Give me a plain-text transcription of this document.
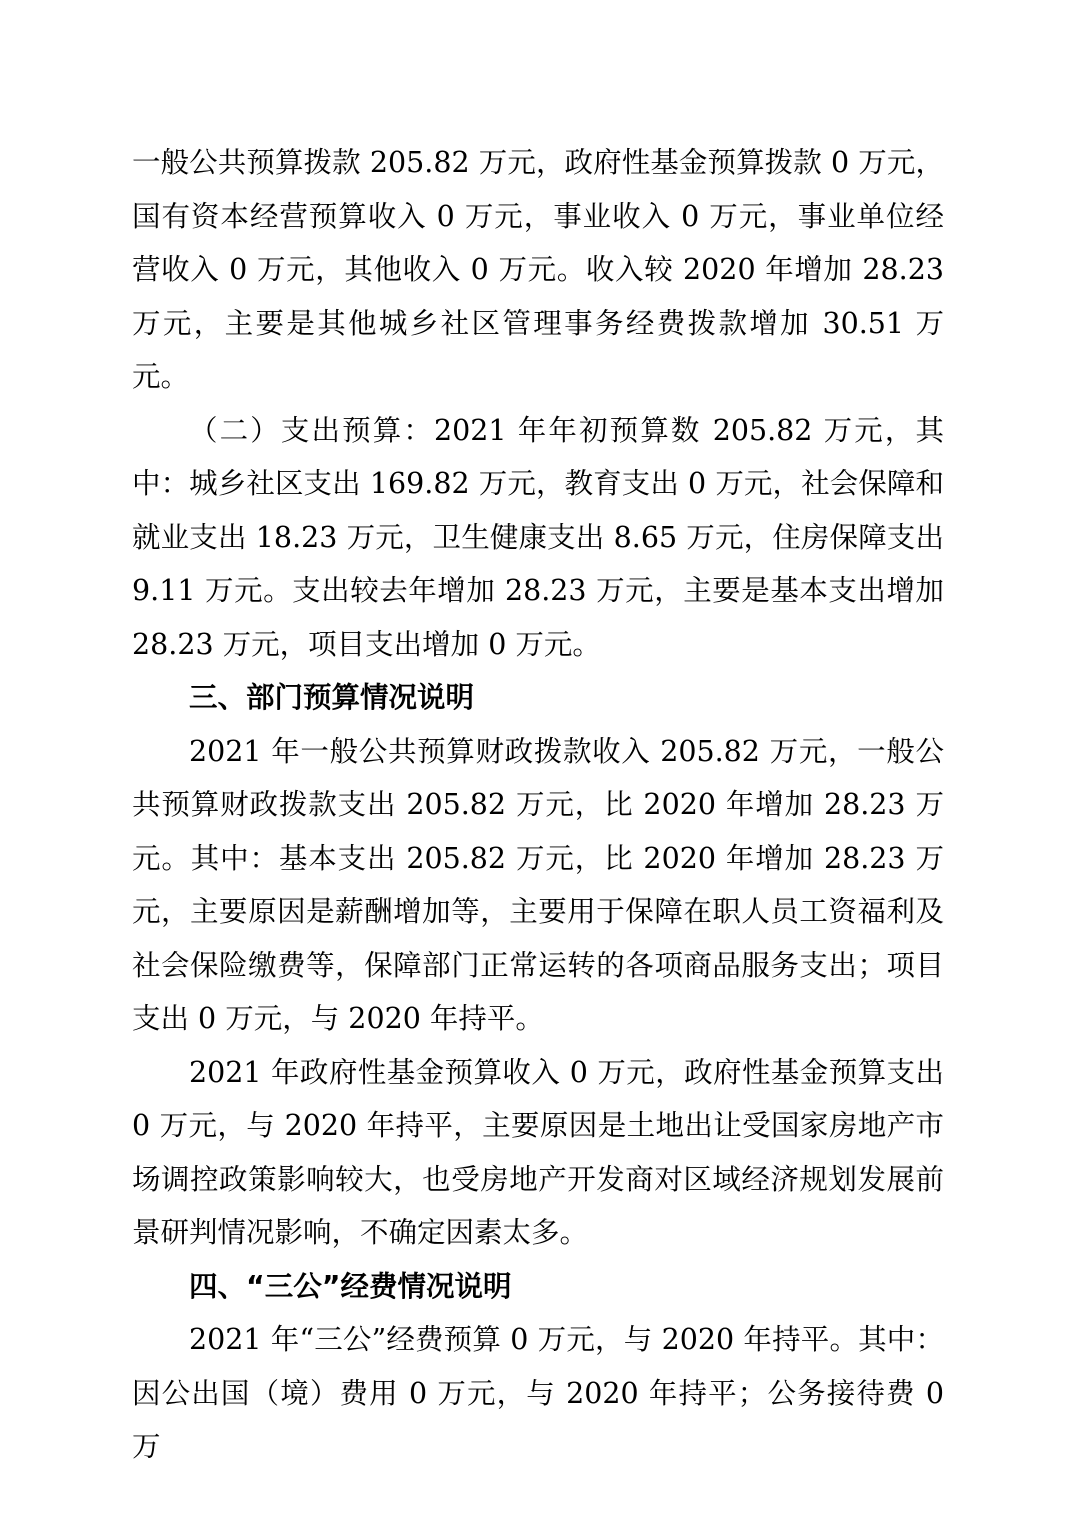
一般公共预算拨款 205.82 万元，政府性基金预算拨款 0 万元，国有资本经营预算收入 0 万元，事业收入 0 万元，事业单位经营收入 0 万元，其他收入 0 万元。收入较 2020 年增加 28.23 万元，主要是其他城乡社区管理事务经费拨款增加 30.51 万元。

（二）支出预算：2021 年年初预算数 205.82 万元，其中：城乡社区支出 169.82 万元，教育支出 0 万元，社会保障和就业支出 18.23 万元，卫生健康支出 8.65 万元，住房保障支出 9.11 万元。支出较去年增加 28.23 万元，主要是基本支出增加 28.23 万元，项目支出增加 0 万元。

三、部门预算情况说明

2021 年一般公共预算财政拨款收入 205.82 万元，一般公共预算财政拨款支出 205.82 万元，比 2020 年增加 28.23 万元。其中：基本支出 205.82 万元，比 2020 年增加 28.23 万元，主要原因是薪酬增加等，主要用于保障在职人员工资福利及社会保险缴费等，保障部门正常运转的各项商品服务支出；项目支出 0 万元，与 2020 年持平。

2021 年政府性基金预算收入 0 万元，政府性基金预算支出 0 万元，与 2020 年持平，主要原因是土地出让受国家房地产市场调控政策影响较大，也受房地产开发商对区域经济规划发展前景研判情况影响，不确定因素太多。

四、“三公”经费情况说明

2021 年“三公”经费预算 0 万元，与 2020 年持平。其中：因公出国（境）费用 0 万元，与 2020 年持平；公务接待费 0 万
